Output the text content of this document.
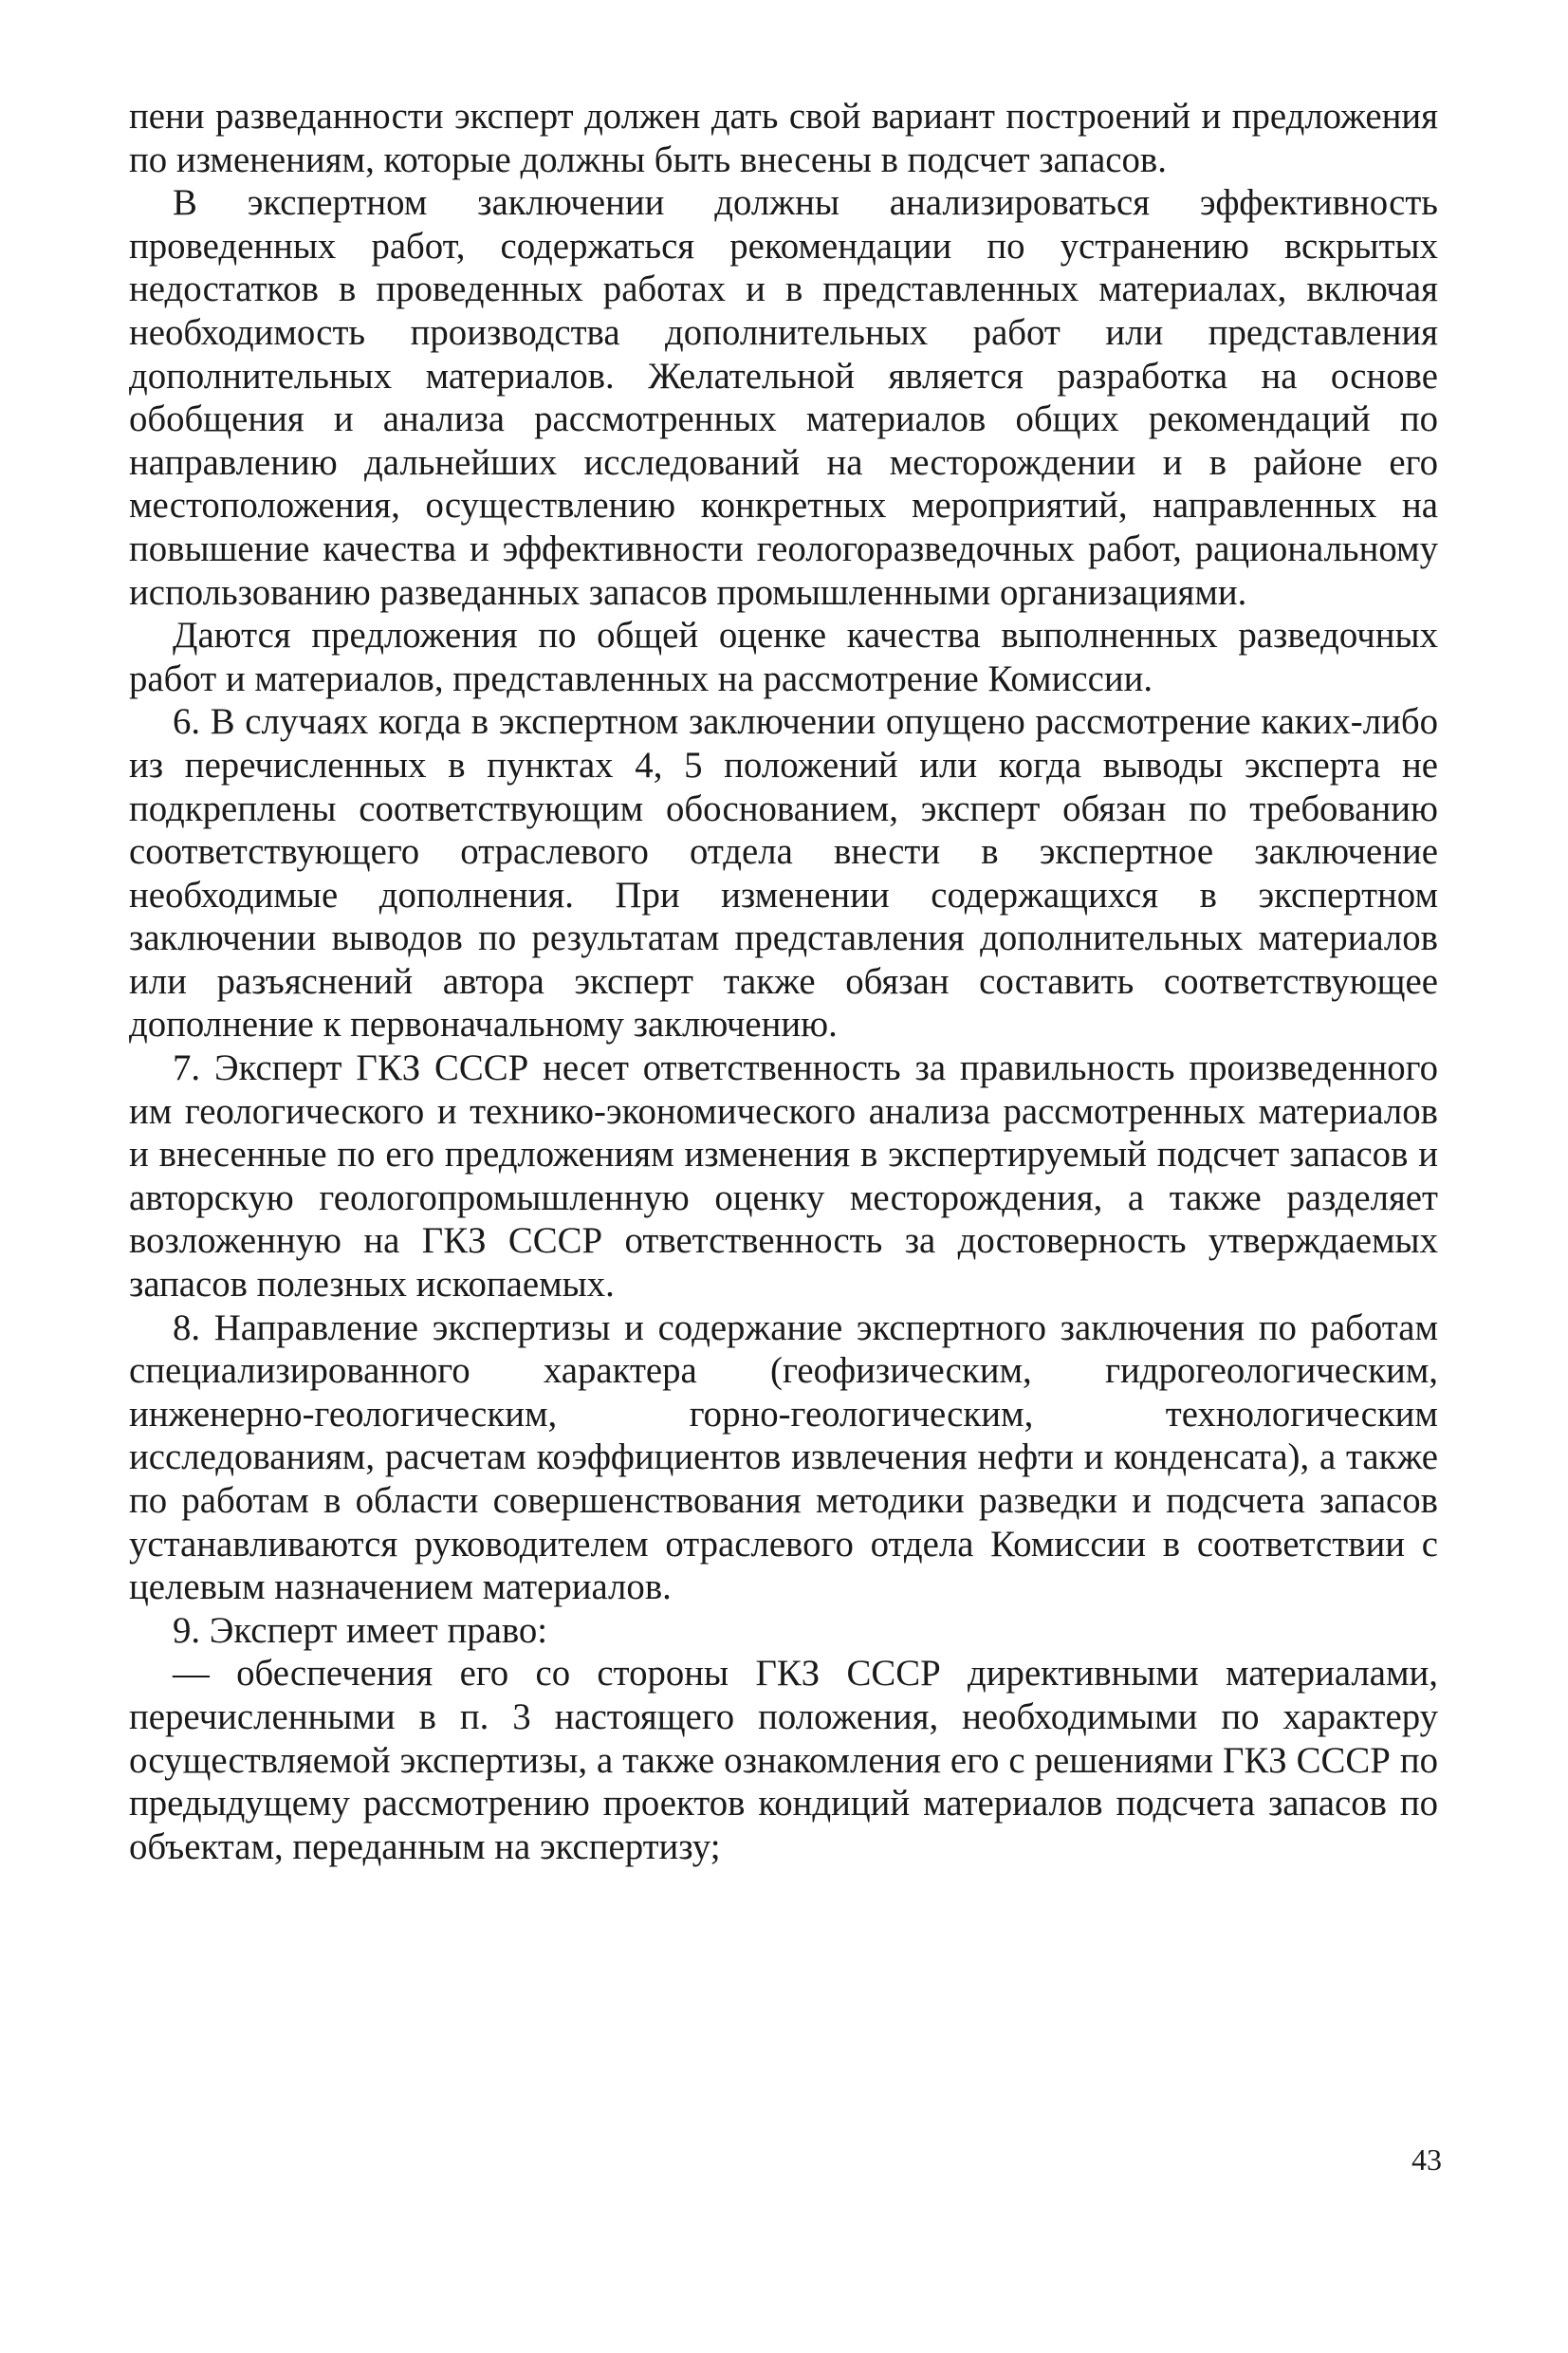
пени разведанности эксперт должен дать свой вариант построений и предложения по изменениям, которые должны быть внесены в подсчет запасов.

В экспертном заключении должны анализироваться эффективность проведенных работ, содержаться рекомендации по устранению вскрытых недостатков в проведенных работах и в представленных материалах, включая необходимость производства дополнительных работ или представления дополнительных материалов. Желательной является разработка на основе обобщения и анализа рассмотренных материалов общих рекомендаций по направлению дальнейших исследований на месторождении и в районе его местоположения, осуществлению конкретных мероприятий, направленных на повышение качества и эффективности геологоразведочных работ, рациональному использованию разведанных запасов промышленными организациями.

Даются предложения по общей оценке качества выполненных разведочных работ и материалов, представленных на рассмотрение Комиссии.

6. В случаях когда в экспертном заключении опущено рассмотрение каких-либо из перечисленных в пунктах 4, 5 положений или когда выводы эксперта не подкреплены соответствующим обоснованием, эксперт обязан по требованию соответствующего отраслевого отдела внести в экспертное заключение необходимые дополнения. При изменении содержащихся в экспертном заключении выводов по результатам представления дополнительных материалов или разъяснений автора эксперт также обязан составить соответствующее дополнение к первоначальному заключению.

7. Эксперт ГКЗ СССР несет ответственность за правильность произведенного им геологического и технико-экономического анализа рассмотренных материалов и внесенные по его предложениям изменения в экспертируемый подсчет запасов и авторскую геологопромышленную оценку месторождения, а также разделяет возложенную на ГКЗ СССР ответственность за достоверность утверждаемых запасов полезных ископаемых.

8. Направление экспертизы и содержание экспертного заключения по работам специализированного характера (геофизическим, гидрогеологическим, инженерно-геологическим, горно-геологическим, технологическим исследованиям, расчетам коэффициентов извлечения нефти и конденсата), а также по работам в области совершенствования методики разведки и подсчета запасов устанавливаются руководителем отраслевого отдела Комиссии в соответствии с целевым назначением материалов.

9. Эксперт имеет право:

— обеспечения его со стороны ГКЗ СССР директивными материалами, перечисленными в п. 3 настоящего положения, необходимыми по характеру осуществляемой экспертизы, а также ознакомления его с решениями ГКЗ СССР по предыдущему рассмотрению проектов кондиций материалов подсчета запасов по объектам, переданным на экспертизу;

43
